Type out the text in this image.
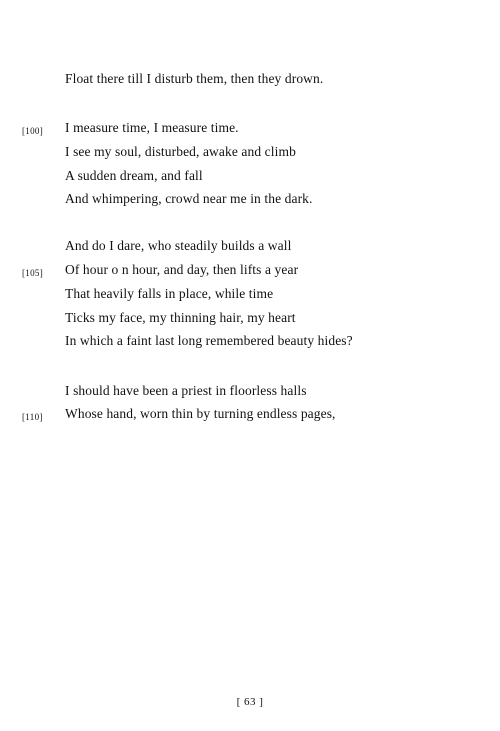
Float there till I disturb them, then they drown.
[100] I measure time, I measure time.
I see my soul, disturbed, awake and climb
A sudden dream, and fall
And whimpering, crowd near me in the dark.
And do I dare, who steadily builds a wall
[105] Of hour o n hour, and day, then lifts a year
That heavily falls in place, while time
Ticks my face, my thinning hair, my heart
In which a faint last long remembered beauty hides?
I should have been a priest in floorless halls
[110] Whose hand, worn thin by turning endless pages,
[ 63 ]
